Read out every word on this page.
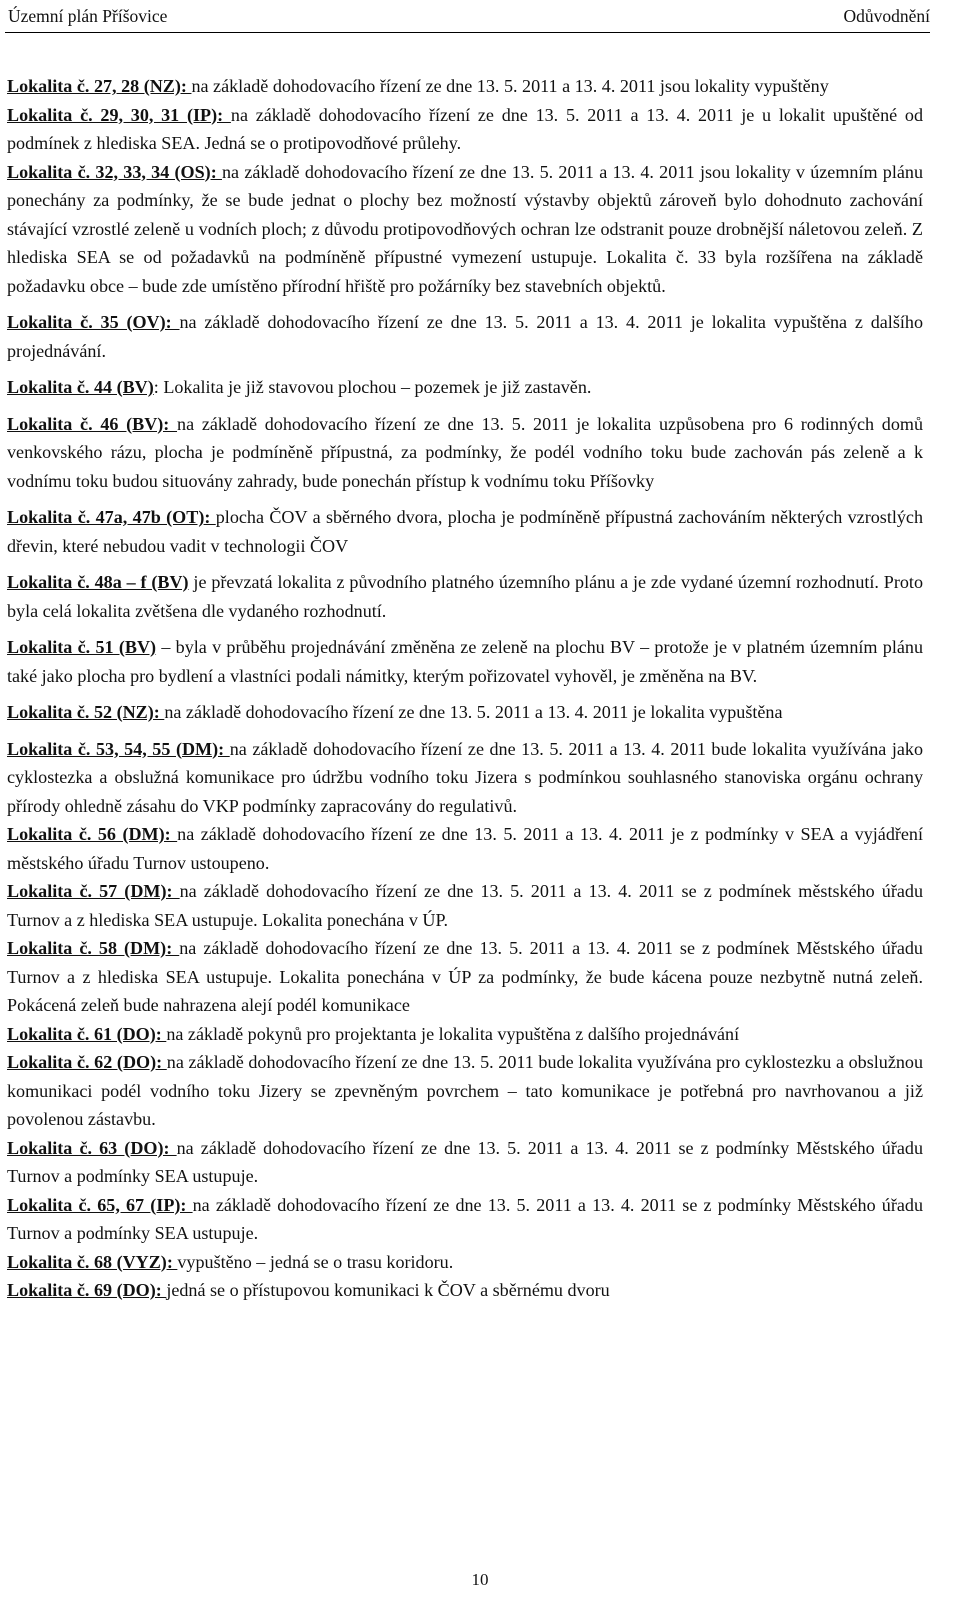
Územní plán Příšovice	Odůvodnění

Lokalita č. 27, 28 (NZ): na základě dohodovacího řízení ze dne 13. 5. 2011 a 13. 4. 2011 jsou lokality vypuštěny

Lokalita č. 29, 30, 31 (IP): na základě dohodovacího řízení ze dne 13. 5. 2011 a 13. 4. 2011 je u lokalit upuštěné od podmínek z hlediska SEA. Jedná se o protipovodňové průlehy.

Lokalita č. 32, 33, 34 (OS): na základě dohodovacího řízení ze dne 13. 5. 2011 a 13. 4. 2011 jsou lokality v územním plánu ponechány za podmínky, že se bude jednat o plochy bez možností výstavby objektů zároveň bylo dohodnuto zachování stávající vzrostlé zeleně u vodních ploch; z důvodu protipovodňových ochran lze odstranit pouze drobnější náletovou zeleň. Z hlediska SEA se od požadavků na podmíněně přípustné vymezení ustupuje. Lokalita č. 33 byla rozšířena na základě požadavku obce – bude zde umístěno přírodní hřiště pro požárníky bez stavebních objektů.

Lokalita č. 35 (OV): na základě dohodovacího řízení ze dne 13. 5. 2011 a 13. 4. 2011 je lokalita vypuštěna z dalšího projednávání.

Lokalita č. 44 (BV): Lokalita je již stavovou plochou – pozemek je již zastavěn.

Lokalita č. 46 (BV): na základě dohodovacího řízení ze dne 13. 5. 2011 je lokalita uzpůsobena pro 6 rodinných domů venkovského rázu, plocha je podmíněně přípustná, za podmínky, že podél vodního toku bude zachován pás zeleně a k vodnímu toku budou situovány zahrady, bude ponechán přístup k vodnímu toku Příšovky

Lokalita č. 47a, 47b (OT): plocha ČOV a sběrného dvora, plocha je podmíněně přípustná zachováním některých vzrostlých dřevin, které nebudou vadit v technologii ČOV

Lokalita č. 48a – f (BV) je převzatá lokalita z původního platného územního plánu a je zde vydané územní rozhodnutí. Proto byla celá lokalita zvětšena dle vydaného rozhodnutí.

Lokalita č. 51 (BV) – byla v průběhu projednávání změněna ze zeleně na plochu BV – protože je v platném územním plánu také jako plocha pro bydlení a vlastníci podali námitky, kterým pořizovatel vyhověl, je změněna na BV.

Lokalita č. 52 (NZ): na základě dohodovacího řízení ze dne 13. 5. 2011 a 13. 4. 2011 je lokalita vypuštěna

Lokalita č. 53, 54, 55 (DM): na základě dohodovacího řízení ze dne 13. 5. 2011 a 13. 4. 2011 bude lokalita využívána jako cyklostezka a obslužná komunikace pro údržbu vodního toku Jizera s podmínkou souhlasného stanoviska orgánu ochrany přírody ohledně zásahu do VKP podmínky zapracovány do regulativů.

Lokalita č. 56 (DM): na základě dohodovacího řízení ze dne 13. 5. 2011 a 13. 4. 2011 je z podmínky v SEA a vyjádření městského úřadu Turnov ustoupeno.

Lokalita č. 57 (DM): na základě dohodovacího řízení ze dne 13. 5. 2011 a 13. 4. 2011 se z podmínek městského úřadu Turnov a z hlediska SEA ustupuje. Lokalita ponechána v ÚP.

Lokalita č. 58 (DM): na základě dohodovacího řízení ze dne 13. 5. 2011 a 13. 4. 2011 se z podmínek Městského úřadu Turnov a z hlediska SEA ustupuje. Lokalita ponechána v ÚP za podmínky, že bude kácena pouze nezbytně nutná zeleň. Pokácená zeleň bude nahrazena alejí podél komunikace

Lokalita č. 61 (DO): na základě pokynů pro projektanta je lokalita vypuštěna z dalšího projednávání

Lokalita č. 62 (DO): na základě dohodovacího řízení ze dne 13. 5. 2011 bude lokalita využívána pro cyklostezku a obslužnou komunikaci podél vodního toku Jizery se zpevněným povrchem – tato komunikace je potřebná pro navrhovanou a již povolenou zástavbu.

Lokalita č. 63 (DO): na základě dohodovacího řízení ze dne 13. 5. 2011 a 13. 4. 2011 se z podmínky Městského úřadu Turnov a podmínky SEA ustupuje.

Lokalita č. 65, 67 (IP): na základě dohodovacího řízení ze dne 13. 5. 2011 a 13. 4. 2011 se z podmínky Městského úřadu Turnov a podmínky SEA ustupuje.

Lokalita č. 68 (VYZ): vypuštěno – jedná se o trasu koridoru.

Lokalita č. 69 (DO): jedná se o přístupovou komunikaci k ČOV a sběrnému dvoru

10
